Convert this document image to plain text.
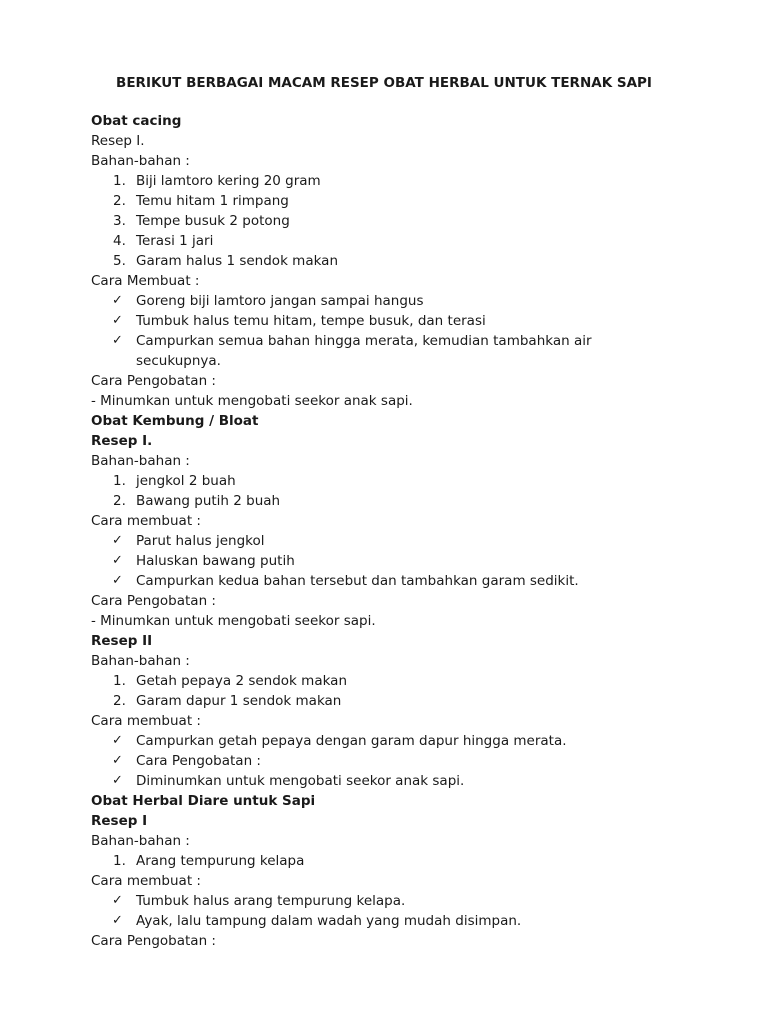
BERIKUT BERBAGAI MACAM RESEP OBAT HERBAL UNTUK TERNAK SAPI
Obat cacing
Resep I.
Bahan-bahan :
1. Biji lamtoro kering 20 gram
2. Temu hitam 1 rimpang
3. Tempe busuk 2 potong
4. Terasi 1 jari
5. Garam halus 1 sendok makan
Cara Membuat :
✓ Goreng biji lamtoro jangan sampai hangus
✓ Tumbuk halus temu hitam, tempe busuk, dan terasi
✓ Campurkan semua bahan hingga merata, kemudian tambahkan air
secukupnya.
Cara Pengobatan :
- Minumkan untuk mengobati seekor anak sapi.
Obat Kembung / Bloat
Resep I.
Bahan-bahan :
1. jengkol 2 buah
2. Bawang putih 2 buah
Cara membuat :
✓ Parut halus jengkol
✓ Haluskan bawang putih
✓ Campurkan kedua bahan tersebut dan tambahkan garam sedikit.
Cara Pengobatan :
- Minumkan untuk mengobati seekor sapi.
Resep II
Bahan-bahan :
1. Getah pepaya 2 sendok makan
2. Garam dapur 1 sendok makan
Cara membuat :
✓ Campurkan getah pepaya dengan garam dapur hingga merata.
✓ Cara Pengobatan :
✓ Diminumkan untuk mengobati seekor anak sapi.
Obat Herbal Diare untuk Sapi
Resep I
Bahan-bahan :
1. Arang tempurung kelapa
Cara membuat :
✓ Tumbuk halus arang tempurung kelapa.
✓ Ayak, lalu tampung dalam wadah yang mudah disimpan.
Cara Pengobatan :
